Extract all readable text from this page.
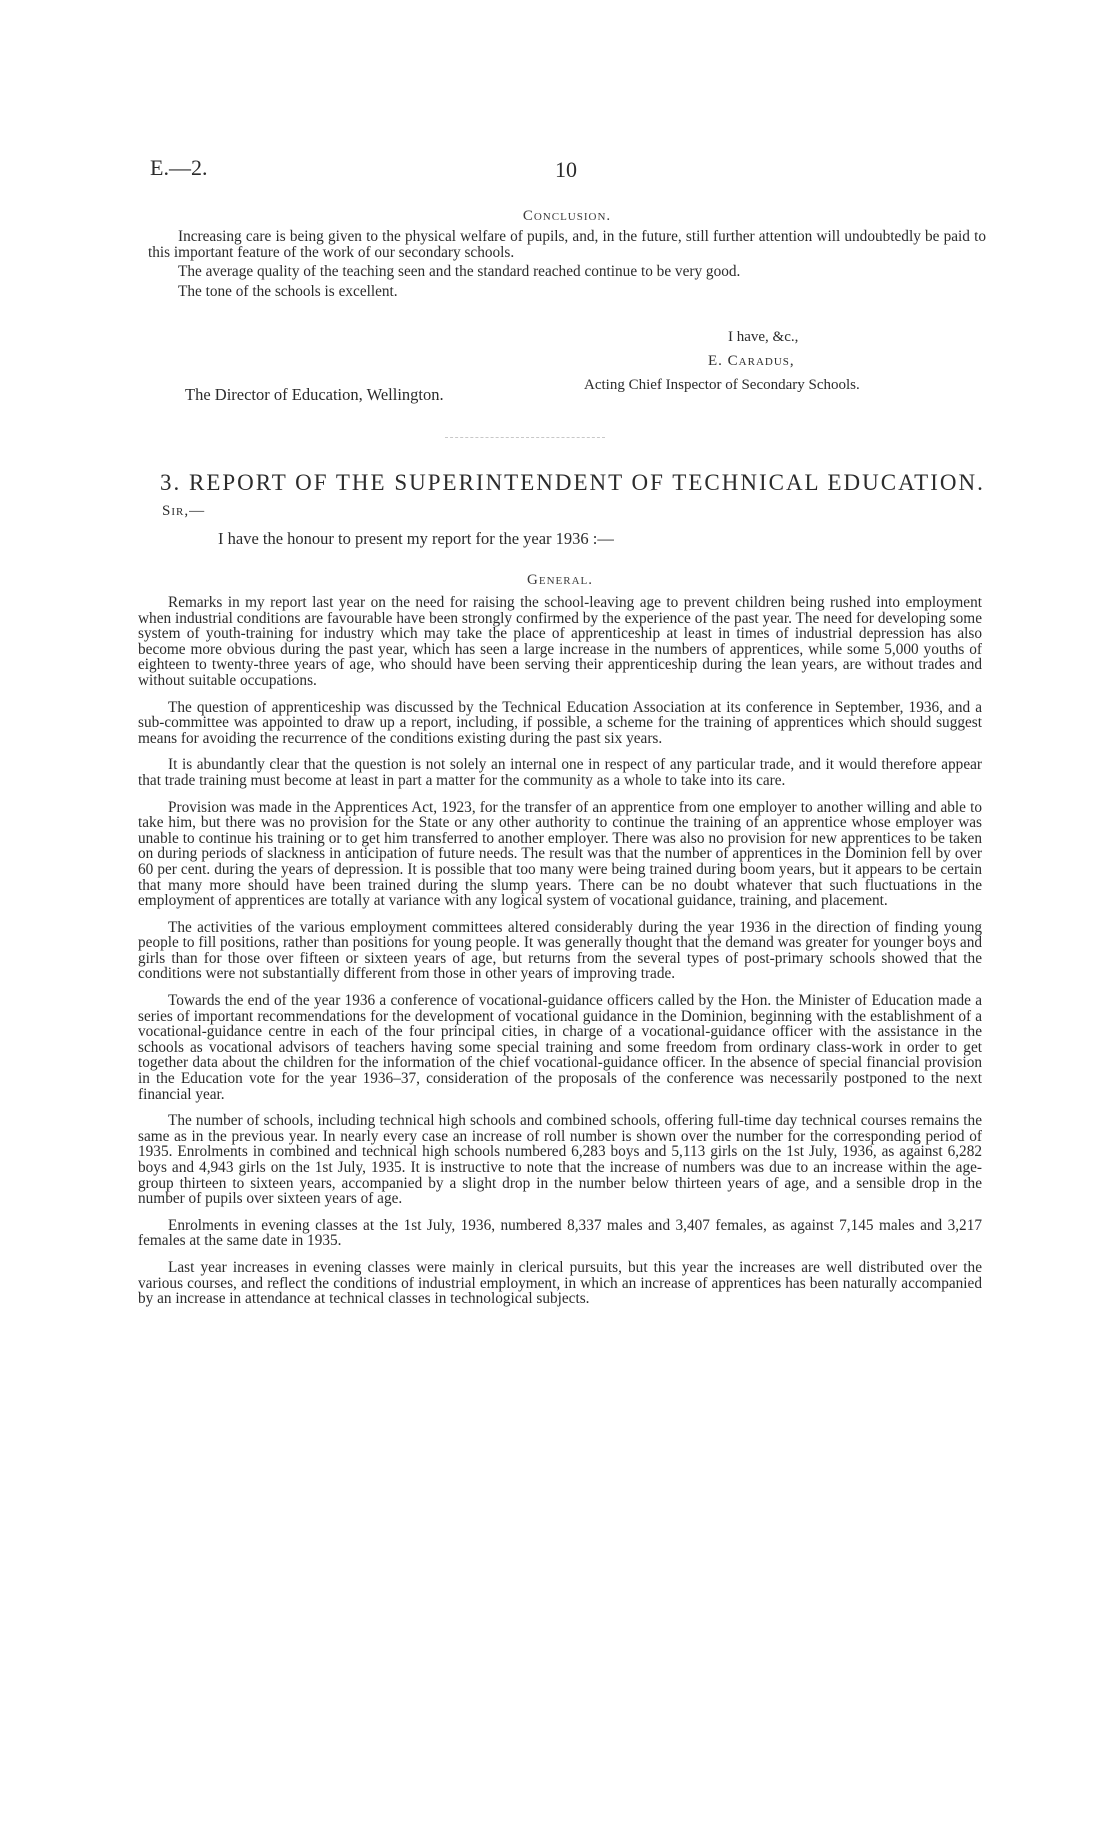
E.—2.	10
Conclusion.

Increasing care is being given to the physical welfare of pupils, and, in the future, still further attention will undoubtedly be paid to this important feature of the work of our secondary schools.

The average quality of the teaching seen and the standard reached continue to be very good.

The tone of the schools is excellent.

I have, &c.,
E. Caradus,
Acting Chief Inspector of Secondary Schools.
The Director of Education, Wellington.
3. REPORT OF THE SUPERINTENDENT OF TECHNICAL EDUCATION.
Sir,—
I have the honour to present my report for the year 1936 :—
General.

Remarks in my report last year on the need for raising the school-leaving age to prevent children being rushed into employment when industrial conditions are favourable have been strongly confirmed by the experience of the past year. The need for developing some system of youth-training for industry which may take the place of apprenticeship at least in times of industrial depression has also become more obvious during the past year, which has seen a large increase in the numbers of apprentices, while some 5,000 youths of eighteen to twenty-three years of age, who should have been serving their apprenticeship during the lean years, are without trades and without suitable occupations.

The question of apprenticeship was discussed by the Technical Education Association at its conference in September, 1936, and a sub-committee was appointed to draw up a report, including, if possible, a scheme for the training of apprentices which should suggest means for avoiding the recurrence of the conditions existing during the past six years.

It is abundantly clear that the question is not solely an internal one in respect of any particular trade, and it would therefore appear that trade training must become at least in part a matter for the community as a whole to take into its care.

Provision was made in the Apprentices Act, 1923, for the transfer of an apprentice from one employer to another willing and able to take him, but there was no provision for the State or any other authority to continue the training of an apprentice whose employer was unable to continue his training or to get him transferred to another employer. There was also no provision for new apprentices to be taken on during periods of slackness in anticipation of future needs. The result was that the number of apprentices in the Dominion fell by over 60 per cent. during the years of depression. It is possible that too many were being trained during boom years, but it appears to be certain that many more should have been trained during the slump years. There can be no doubt whatever that such fluctuations in the employment of apprentices are totally at variance with any logical system of vocational guidance, training, and placement.

The activities of the various employment committees altered considerably during the year 1936 in the direction of finding young people to fill positions, rather than positions for young people. It was generally thought that the demand was greater for younger boys and girls than for those over fifteen or sixteen years of age, but returns from the several types of post-primary schools showed that the conditions were not substantially different from those in other years of improving trade.

Towards the end of the year 1936 a conference of vocational-guidance officers called by the Hon. the Minister of Education made a series of important recommendations for the development of vocational guidance in the Dominion, beginning with the establishment of a vocational-guidance centre in each of the four principal cities, in charge of a vocational-guidance officer with the assistance in the schools as vocational advisors of teachers having some special training and some freedom from ordinary class-work in order to get together data about the children for the information of the chief vocational-guidance officer. In the absence of special financial provision in the Education vote for the year 1936–37, consideration of the proposals of the conference was necessarily postponed to the next financial year.

The number of schools, including technical high schools and combined schools, offering full-time day technical courses remains the same as in the previous year. In nearly every case an increase of roll number is shown over the number for the corresponding period of 1935. Enrolments in combined and technical high schools numbered 6,283 boys and 5,113 girls on the 1st July, 1936, as against 6,282 boys and 4,943 girls on the 1st July, 1935. It is instructive to note that the increase of numbers was due to an increase within the age-group thirteen to sixteen years, accompanied by a slight drop in the number below thirteen years of age, and a sensible drop in the number of pupils over sixteen years of age.

Enrolments in evening classes at the 1st July, 1936, numbered 8,337 males and 3,407 females, as against 7,145 males and 3,217 females at the same date in 1935.

Last year increases in evening classes were mainly in clerical pursuits, but this year the increases are well distributed over the various courses, and reflect the conditions of industrial employment, in which an increase of apprentices has been naturally accompanied by an increase in attendance at technical classes in technological subjects.
